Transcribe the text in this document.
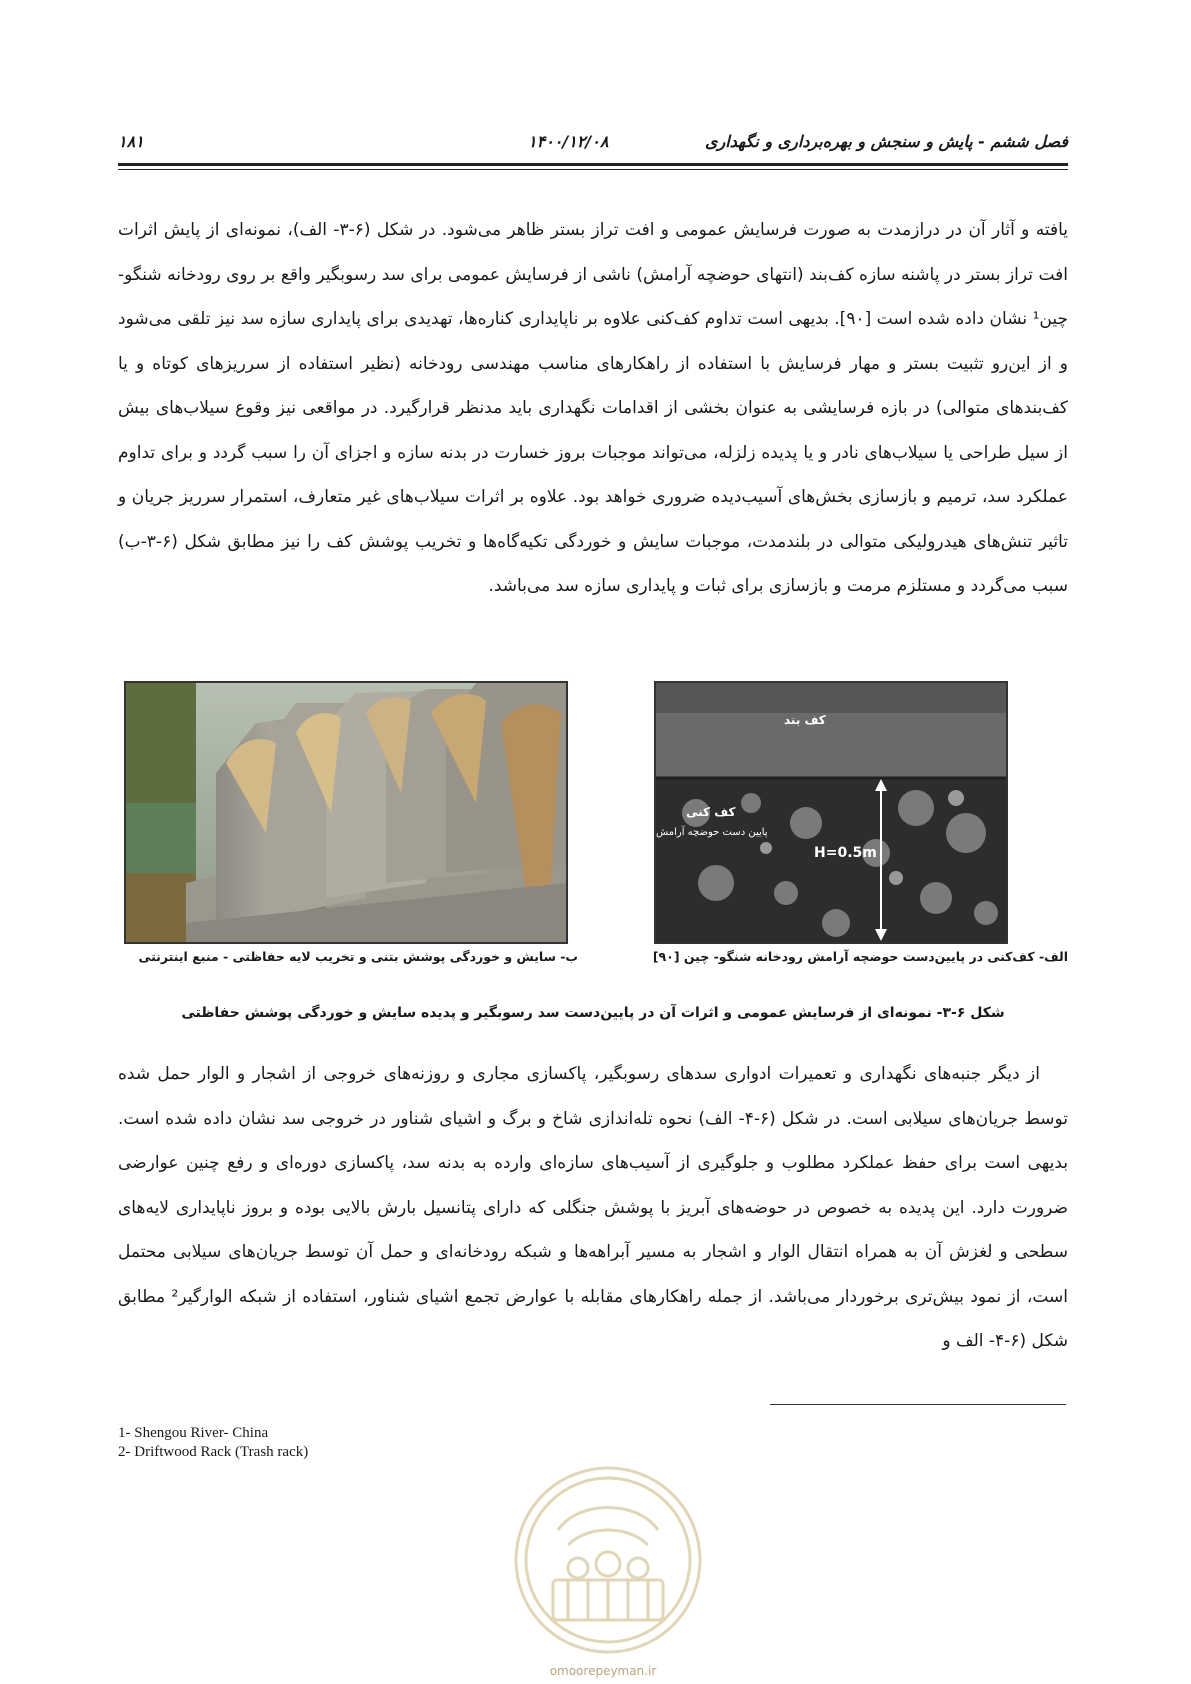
فصل ششم - پایش و سنجش و بهره‌برداری و نگهداری
۱۴۰۰/۱۲/۰۸
۱۸۱

یافته و آثار آن در درازمدت به صورت فرسایش عمومی و افت تراز بستر ظاهر می‌شود. در شکل (۶-۳- الف)، نمونه‌ای از پایش اثرات افت تراز بستر در پاشنه سازه کف‌بند (انتهای حوضچه آرامش) ناشی از فرسایش عمومی برای سد رسوبگیر واقع بر روی رودخانه شنگو- چین¹ نشان داده شده است [۹۰]. بدیهی است تداوم کف‌کنی علاوه بر ناپایداری کناره‌ها، تهدیدی برای پایداری سازه سد نیز تلقی می‌شود و از این‌رو تثبیت بستر و مهار فرسایش با استفاده از راهکارهای مناسب مهندسی رودخانه (نظیر استفاده از سرریزهای کوتاه و یا کف‌بندهای متوالی) در بازه فرسایشی به عنوان بخشی از اقدامات نگهداری باید مدنظر قرارگیرد. در مواقعی نیز وقوع سیلاب‌های بیش از سیل طراحی یا سیلاب‌های نادر و یا پدیده زلزله، می‌تواند موجبات بروز خسارت در بدنه سازه و اجزای آن را سبب گردد و برای تداوم عملکرد سد، ترمیم و بازسازی بخش‌های آسیب‌دیده ضروری خواهد بود. علاوه بر اثرات سیلاب‌های غیر متعارف، استمرار سرریز جریان و تاثیر تنش‌های هیدرولیکی متوالی در بلندمدت، موجبات سایش و خوردگی تکیه‌گاه‌ها و تخریب پوشش کف را نیز مطابق شکل (۶-۳-ب) سبب می‌گردد و مستلزم مرمت و بازسازی برای ثبات و پایداری سازه سد می‌باشد.

کف بند
کف کنی
پایین دست حوضچه آرامش
H=0.5m
ب- سایش و خوردگی پوشش بتنی و تخریب لایه حفاظتی - منبع اینترنتی	الف- کف‌کنی در پایین‌دست حوضچه آرامش رودخانه شنگو- چین [۹۰]
شکل ۶-۳- نمونه‌ای از فرسایش عمومی و اثرات آن در پایین‌دست سد رسوبگیر و پدیده سایش و خوردگی پوشش حفاظتی

از دیگر جنبه‌های نگهداری و تعمیرات ادواری سدهای رسوبگیر، پاکسازی مجاری و روزنه‌های خروجی از اشجار و الوار حمل شده توسط جریان‌های سیلابی است. در شکل (۶-۴- الف) نحوه تله‌اندازی شاخ و برگ و اشیای شناور در خروجی سد نشان داده شده است. بدیهی است برای حفظ عملکرد مطلوب و جلوگیری از آسیب‌های سازه‌ای وارده به بدنه سد، پاکسازی دوره‌ای و رفع چنین عوارضی ضرورت دارد. این پدیده به خصوص در حوضه‌های آبریز با پوشش جنگلی که دارای پتانسیل بارش بالایی بوده و بروز ناپایداری لایه‌های سطحی و لغزش آن به همراه انتقال الوار و اشجار به مسیر آبراهه‌ها و شبکه رودخانه‌ای و حمل آن توسط جریان‌های سیلابی محتمل است، از نمود بیش‌تری برخوردار می‌باشد. از جمله راهکارهای مقابله با عوارض تجمع اشیای شناور، استفاده از شبکه الوارگیر² مطابق شکل (۶-۴- الف و

1- Shengou River- China
2- Driftwood Rack (Trash rack)
omoorepeyman.ir
